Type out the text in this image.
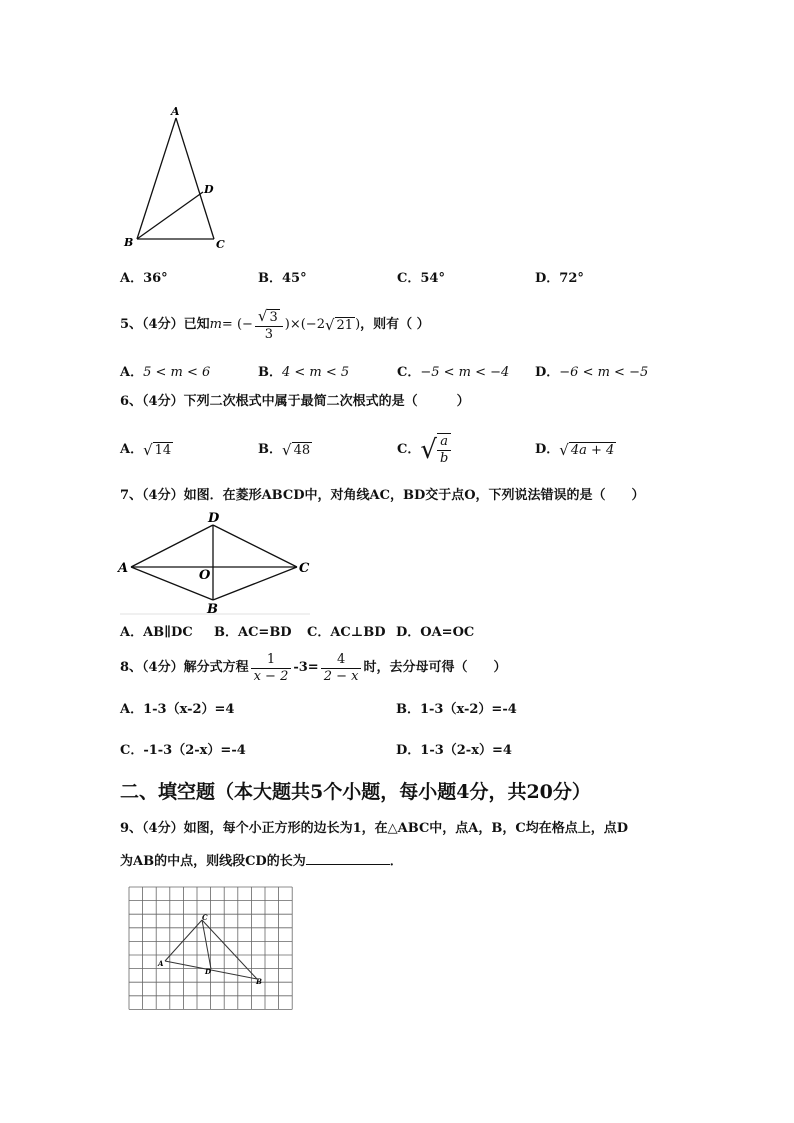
A
D
B	C
A．36°	B．45°	C．54°	D．72°
5、（4分）已知 m = (− $\frac{√ 3}{3} )\times(-2$ √ 21 ) ，则有（ ）
A．5 < m < 6	B．4 < m < 5	C．−5 < m < −4 D．−6 < m < −5
6、（4分）下列二次根式中属于最简二次根式的是（　　　）
A． √ 14	B． √ 48	C． √ $\frac{a}{b}$	D． √ 4a + 4
7、（4分）如图．在菱形ABCD中，对角线AC，BD交于点O，下列说法错误的是（　　）
D
A	C
O
B
A．AB∥DC B．AC=BD C．AC⊥BD D．OA=OC
8、（4分）解分式方程 $\frac{1}{x - 2} -3= \frac{4}{2 - x}$ 时，去分母可得（　　）
A．1-3（x-2）=4	B．1-3（x-2）=-4
C．-1-3（2-x）=-4	D．1-3（2-x）=4
二、填空题（本大题共5个小题，每小题4分，共20分）
9、（4分）如图，每个小正方形的边长为1，在△ABC中，点A，B，C均在格点上，点D
为AB的中点，则线段CD的长为	．
C
A
D
B
